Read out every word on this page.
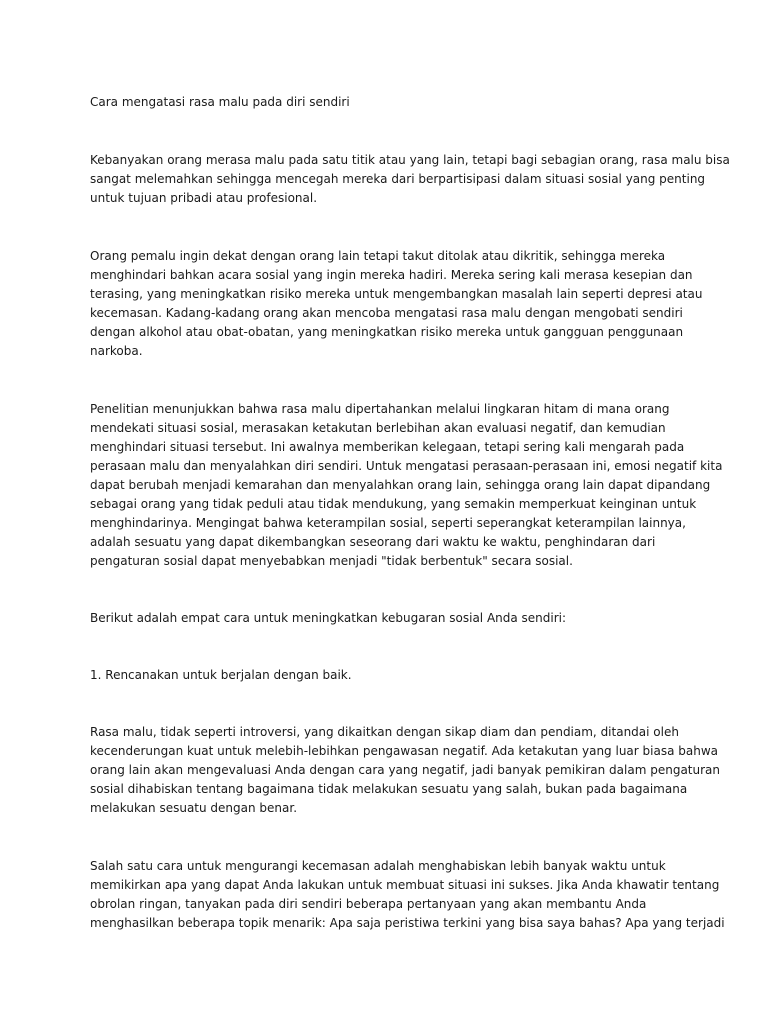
Cara mengatasi rasa malu pada diri sendiri
Kebanyakan orang merasa malu pada satu titik atau yang lain, tetapi bagi sebagian orang, rasa malu bisa
sangat melemahkan sehingga mencegah mereka dari berpartisipasi dalam situasi sosial yang penting
untuk tujuan pribadi atau profesional.
Orang pemalu ingin dekat dengan orang lain tetapi takut ditolak atau dikritik, sehingga mereka
menghindari bahkan acara sosial yang ingin mereka hadiri. Mereka sering kali merasa kesepian dan
terasing, yang meningkatkan risiko mereka untuk mengembangkan masalah lain seperti depresi atau
kecemasan. Kadang-kadang orang akan mencoba mengatasi rasa malu dengan mengobati sendiri
dengan alkohol atau obat-obatan, yang meningkatkan risiko mereka untuk gangguan penggunaan
narkoba.
Penelitian menunjukkan bahwa rasa malu dipertahankan melalui lingkaran hitam di mana orang
mendekati situasi sosial, merasakan ketakutan berlebihan akan evaluasi negatif, dan kemudian
menghindari situasi tersebut. Ini awalnya memberikan kelegaan, tetapi sering kali mengarah pada
perasaan malu dan menyalahkan diri sendiri. Untuk mengatasi perasaan-perasaan ini, emosi negatif kita
dapat berubah menjadi kemarahan dan menyalahkan orang lain, sehingga orang lain dapat dipandang
sebagai orang yang tidak peduli atau tidak mendukung, yang semakin memperkuat keinginan untuk
menghindarinya. Mengingat bahwa keterampilan sosial, seperti seperangkat keterampilan lainnya,
adalah sesuatu yang dapat dikembangkan seseorang dari waktu ke waktu, penghindaran dari
pengaturan sosial dapat menyebabkan menjadi "tidak berbentuk" secara sosial.
Berikut adalah empat cara untuk meningkatkan kebugaran sosial Anda sendiri:
1. Rencanakan untuk berjalan dengan baik.
Rasa malu, tidak seperti introversi, yang dikaitkan dengan sikap diam dan pendiam, ditandai oleh
kecenderungan kuat untuk melebih-lebihkan pengawasan negatif. Ada ketakutan yang luar biasa bahwa
orang lain akan mengevaluasi Anda dengan cara yang negatif, jadi banyak pemikiran dalam pengaturan
sosial dihabiskan tentang bagaimana tidak melakukan sesuatu yang salah, bukan pada bagaimana
melakukan sesuatu dengan benar.
Salah satu cara untuk mengurangi kecemasan adalah menghabiskan lebih banyak waktu untuk
memikirkan apa yang dapat Anda lakukan untuk membuat situasi ini sukses. Jika Anda khawatir tentang
obrolan ringan, tanyakan pada diri sendiri beberapa pertanyaan yang akan membantu Anda
menghasilkan beberapa topik menarik: Apa saja peristiwa terkini yang bisa saya bahas? Apa yang terjadi
